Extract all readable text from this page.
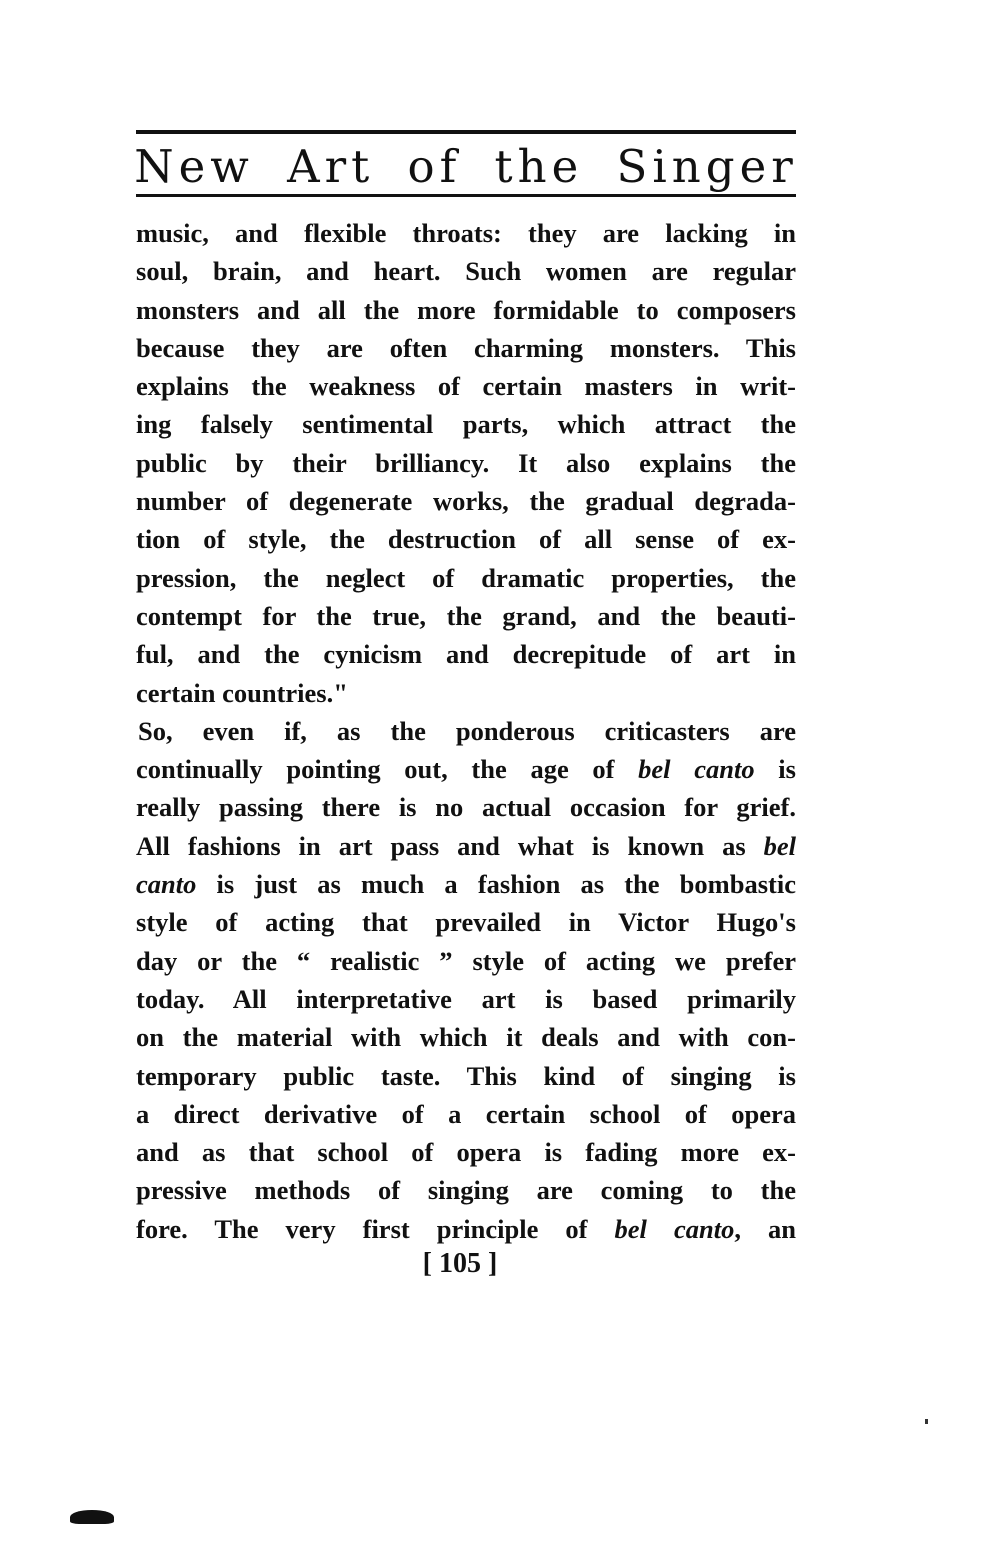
New Art of the Singer
music, and flexible throats: they are lacking in
soul, brain, and heart. Such women are regular
monsters and all the more formidable to composers
because they are often charming monsters. This
explains the weakness of certain masters in writ-
ing falsely sentimental parts, which attract the
public by their brilliancy. It also explains the
number of degenerate works, the gradual degrada-
tion of style, the destruction of all sense of ex-
pression, the neglect of dramatic properties, the
contempt for the true, the grand, and the beauti-
ful, and the cynicism and decrepitude of art in
certain countries."
So, even if, as the ponderous criticasters are
continually pointing out, the age of bel canto is
really passing there is no actual occasion for grief.
All fashions in art pass and what is known as bel
canto is just as much a fashion as the bombastic
style of acting that prevailed in Victor Hugo's
day or the “ realistic ” style of acting we prefer
today. All interpretative art is based primarily
on the material with which it deals and with con-
temporary public taste. This kind of singing is
a direct derivative of a certain school of opera
and as that school of opera is fading more ex-
pressive methods of singing are coming to the
fore. The very first principle of bel canto, an
[ 105 ]
